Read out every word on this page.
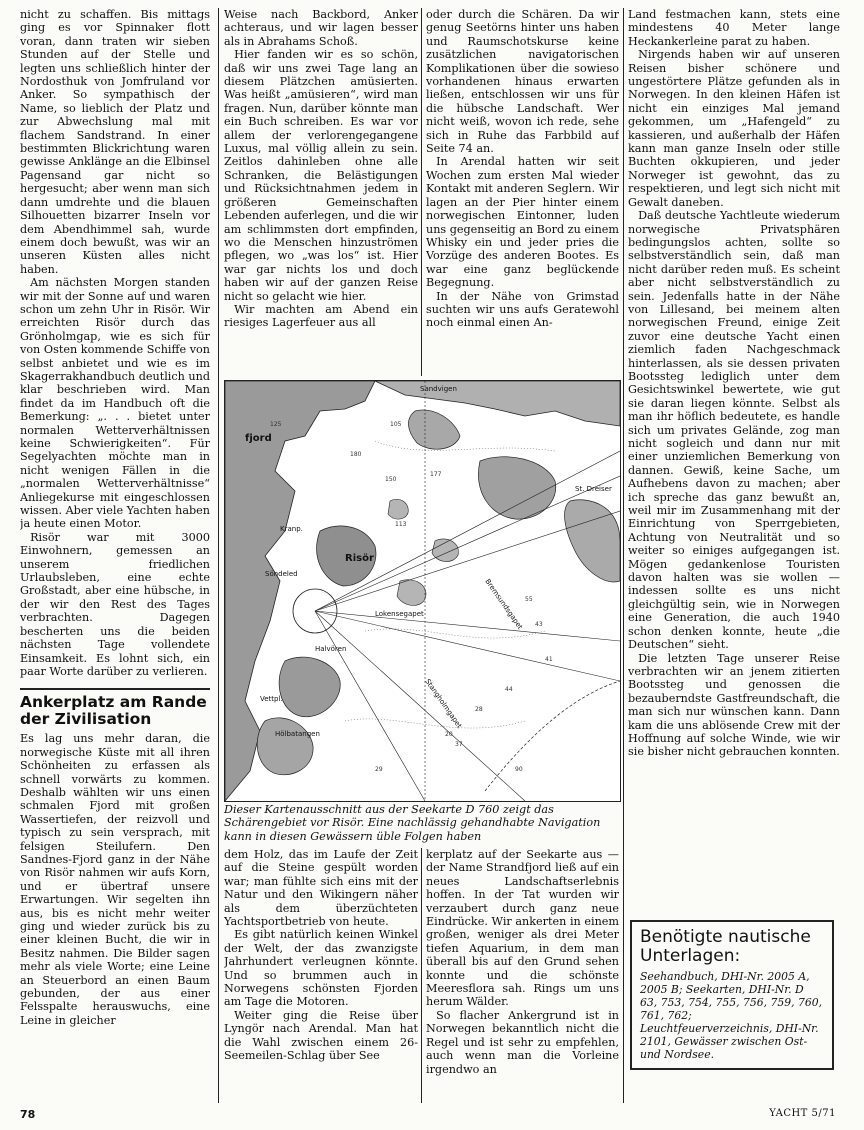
nicht zu schaffen. Bis mittags ging es vor Spinnaker flott voran, dann traten wir sieben Stunden auf der Stelle und legten uns schließlich hinter der Nordosthuk von Jomfruland vor Anker. So sympathisch der Name, so lieblich der Platz und zur Abwechslung mal mit flachem Sandstrand. In einer bestimmten Blickrichtung waren gewisse Anklänge an die Elbinsel Pagensand gar nicht so hergesucht; aber wenn man sich dann umdrehte und die blauen Silhouetten bizarrer Inseln vor dem Abendhimmel sah, wurde einem doch bewußt, was wir an unseren Küsten alles nicht haben.

Am nächsten Morgen standen wir mit der Sonne auf und waren schon um zehn Uhr in Risör. Wir erreichten Risör durch das Grönholmgap, wie es sich für von Osten kommende Schiffe von selbst anbietet und wie es im Skagerrakhandbuch deutlich und klar beschrieben wird. Man findet da im Handbuch oft die Bemerkung: „. . . bietet unter normalen Wetterverhältnissen keine Schwierigkeiten“. Für Segelyachten möchte man in nicht wenigen Fällen in die „normalen Wetterverhältnisse“ Anliegekurse mit eingeschlossen wissen. Aber viele Yachten haben ja heute einen Motor.

Risör war mit 3000 Einwohnern, gemessen an unserem friedlichen Urlaubsleben, eine echte Großstadt, aber eine hübsche, in der wir den Rest des Tages verbrachten. Dagegen bescherten uns die beiden nächsten Tage vollendete Einsamkeit. Es lohnt sich, ein paar Worte darüber zu verlieren.

Ankerplatz am Rande der Zivilisation

Es lag uns mehr daran, die norwegische Küste mit all ihren Schönheiten zu erfassen als schnell vorwärts zu kommen. Deshalb wählten wir uns einen schmalen Fjord mit großen Wassertiefen, der reizvoll und typisch zu sein versprach, mit felsigen Steilufern. Den Sandnes-Fjord ganz in der Nähe von Risör nahmen wir aufs Korn, und er übertraf unsere Erwartungen. Wir segelten ihn aus, bis es nicht mehr weiter ging und wieder zurück bis zu einer kleinen Bucht, die wir in Besitz nahmen. Die Bilder sagen mehr als viele Worte; eine Leine an Steuerbord an einen Baum gebunden, der aus einer Felsspalte herauswuchs, eine Leine in gleicher

Weise nach Backbord, Anker achteraus, und wir lagen besser als in Abrahams Schoß.

Hier fanden wir es so schön, daß wir uns zwei Tage lang an diesem Plätzchen amüsierten. Was heißt „amüsieren“, wird man fragen. Nun, darüber könnte man ein Buch schreiben. Es war vor allem der verlorengegangene Luxus, mal völlig allein zu sein. Zeitlos dahinleben ohne alle Schranken, die Belästigungen und Rücksichtnahmen jedem in größeren Gemeinschaften Lebenden auferlegen, und die wir am schlimmsten dort empfinden, wo die Menschen hinzuströmen pflegen, wo „was los“ ist. Hier war gar nichts los und doch haben wir auf der ganzen Reise nicht so gelacht wie hier.

Wir machten am Abend ein riesiges Lagerfeuer aus all

oder durch die Schären. Da wir genug Seetörns hinter uns haben und Raumschotskurse keine zusätzlichen navigatorischen Komplikationen über die sowieso vorhandenen hinaus erwarten ließen, entschlossen wir uns für die hübsche Landschaft. Wer nicht weiß, wovon ich rede, sehe sich in Ruhe das Farbbild auf Seite 74 an.

In Arendal hatten wir seit Wochen zum ersten Mal wieder Kontakt mit anderen Seglern. Wir lagen an der Pier hinter einem norwegischen Eintonner, luden uns gegenseitig an Bord zu einem Whisky ein und jeder pries die Vorzüge des anderen Bootes. Es war eine ganz beglückende Begegnung.

In der Nähe von Grimstad suchten wir uns aufs Geratewohl noch einmal einen An-

Land festmachen kann, stets eine mindestens 40 Meter lange Heckankerleine parat zu haben.

Nirgends haben wir auf unseren Reisen bisher schönere und ungestörtere Plätze gefunden als in Norwegen. In den kleinen Häfen ist nicht ein einziges Mal jemand gekommen, um „Hafengeld“ zu kassieren, und außerhalb der Häfen kann man ganze Inseln oder stille Buchten okkupieren, und jeder Norweger ist gewohnt, das zu respektieren, und legt sich nicht mit Gewalt daneben.

Daß deutsche Yachtleute wiederum norwegische Privatsphären bedingungslos achten, sollte so selbstverständlich sein, daß man nicht darüber reden muß. Es scheint aber nicht selbstverständlich zu sein. Jedenfalls hatte in der Nähe von Lillesand, bei meinem alten norwegischen Freund, einige Zeit zuvor eine deutsche Yacht einen ziemlich faden Nachgeschmack hinterlassen, als sie dessen privaten Bootssteg lediglich unter dem Gesichtswinkel bewertete, wie gut sie daran liegen könnte. Selbst als man ihr höflich bedeutete, es handle sich um privates Gelände, zog man nicht sogleich und dann nur mit einer unziemlichen Bemerkung von dannen. Gewiß, keine Sache, um Aufhebens davon zu machen; aber ich spreche das ganz bewußt an, weil mir im Zusammenhang mit der Einrichtung von Sperrgebieten, Achtung von Neutralität und so weiter so einiges aufgegangen ist. Mögen gedankenlose Touristen davon halten was sie wollen — indessen sollte es uns nicht gleichgültig sein, wie in Norwegen eine Generation, die auch 1940 schon denken konnte, heute „die Deutschen“ sieht.

Die letzten Tage unserer Reise verbrachten wir an jenem zitierten Bootssteg und genossen die bezauberndste Gastfreundschaft, die man sich nur wünschen kann. Dann kam die uns ablösende Crew mit der Hoffnung auf solche Winde, wie wir sie bisher nicht gebrauchen konnten.

Risör
Söndeled
Kranp.
Lokensegapet	Bremsundsgapet
Stangholmgapet
fjord
St. Dreiser
Sandvigen
Halvören
Hölbatangen
Vettpl.
105
150
177
180
113
55
43
41
44
28
37
29	90
125
20
Dieser Kartenausschnitt aus der Seekarte D 760 zeigt das Schärengebiet vor Risör. Eine nachlässig gehandhabte Navigation kann in diesen Gewässern üble Folgen haben

dem Holz, das im Laufe der Zeit auf die Steine gespült worden war; man fühlte sich eins mit der Natur und den Wikingern näher als dem überzüchteten Yachtsportbetrieb von heute.

Es gibt natürlich keinen Winkel der Welt, der das zwanzigste Jahrhundert verleugnen könnte. Und so brummen auch in Norwegens schönsten Fjorden am Tage die Motoren.

Weiter ging die Reise über Lyngör nach Arendal. Man hat die Wahl zwischen einem 26-Seemeilen-Schlag über See

kerplatz auf der Seekarte aus — der Name Strandfjord ließ auf ein neues Landschaftserlebnis hoffen. In der Tat wurden wir verzaubert durch ganz neue Eindrücke. Wir ankerten in einem großen, weniger als drei Meter tiefen Aquarium, in dem man überall bis auf den Grund sehen konnte und die schönste Meeresflora sah. Rings um uns herum Wälder.

So flacher Ankergrund ist in Norwegen bekanntlich nicht die Regel und ist sehr zu empfehlen, auch wenn man die Vorleine irgendwo an

Benötigte nautische Unterlagen:

Seehandbuch, DHI-Nr. 2005 A, 2005 B; Seekarten, DHI-Nr. D 63, 753, 754, 755, 756, 759, 760, 761, 762; Leuchtfeuerverzeichnis, DHI-Nr. 2101, Gewässer zwischen Ost- und Nordsee.

78	YACHT 5/71
